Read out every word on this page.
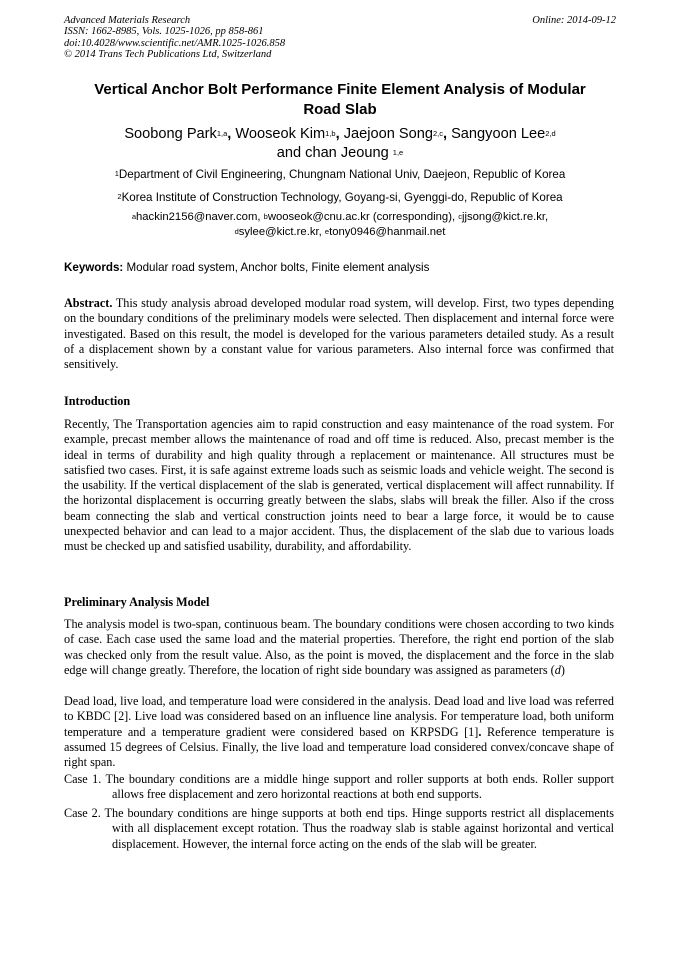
Advanced Materials Research
ISSN: 1662-8985, Vols. 1025-1026, pp 858-861
doi:10.4028/www.scientific.net/AMR.1025-1026.858
© 2014 Trans Tech Publications Ltd, Switzerland
Online: 2014-09-12
Vertical Anchor Bolt Performance Finite Element Analysis of Modular
Road Slab
Soobong Park$^{1,a}$, Wooseok Kim$^{1,b}$, Jaejoon Song$^{2,c}$, Sangyoon Lee$^{2,d}$
and chan Jeoung $^{1,e}$
$^1$Department of Civil Engineering, Chungnam National Univ, Daejeon, Republic of Korea
$^2$Korea Institute of Construction Technology, Goyang-si, Gyenggi-do, Republic of Korea
$^a$hackin2156@naver.com, $^b$wooseok@cnu.ac.kr (corresponding), $^c$jjsong@kict.re.kr,
$^d$sylee@kict.re.kr, $^e$tony0946@hanmail.net
Keywords: Modular road system, Anchor bolts, Finite element analysis

Abstract. This study analysis abroad developed modular road system, will develop. First, two types depending on the boundary conditions of the preliminary models were selected. Then displacement and internal force were investigated. Based on this result, the model is developed for the various parameters detailed study. As a result of a displacement shown by a constant value for various parameters. Also internal force was confirmed that sensitively.

Introduction

Recently, The Transportation agencies aim to rapid construction and easy maintenance of the road system. For example, precast member allows the maintenance of road and off time is reduced. Also, precast member is the ideal in terms of durability and high quality through a replacement or maintenance. All structures must be satisfied two cases. First, it is safe against extreme loads such as seismic loads and vehicle weight. The second is the usability. If the vertical displacement of the slab is generated, vertical displacement will affect runnability. If the horizontal displacement is occurring greatly between the slabs, slabs will break the filler. Also if the cross beam connecting the slab and vertical construction joints need to bear a large force, it would be to cause unexpected behavior and can lead to a major accident. Thus, the displacement of the slab due to various loads must be checked up and satisfied usability, durability, and affordability.

Preliminary Analysis Model

The analysis model is two-span, continuous beam. The boundary conditions were chosen according to two kinds of case. Each case used the same load and the material properties. Therefore, the right end portion of the slab was checked only from the result value. Also, as the point is moved, the displacement and the force in the slab edge will change greatly. Therefore, the location of right side boundary was assigned as parameters (d)

Dead load, live load, and temperature load were considered in the analysis. Dead load and live load was referred to KBDC [2]. Live load was considered based on an influence line analysis. For temperature load, both uniform temperature and a temperature gradient were considered based on KRPSDG [1]. Reference temperature is assumed 15 degrees of Celsius. Finally, the live load and temperature load considered convex/concave shape of right span.

Case 1. The boundary conditions are a middle hinge support and roller supports at both ends. Roller support allows free displacement and zero horizontal reactions at both end supports.

Case 2. The boundary conditions are hinge supports at both end tips. Hinge supports restrict all displacements with all displacement except rotation. Thus the roadway slab is stable against horizontal and vertical displacement. However, the internal force acting on the ends of the slab will be greater.
